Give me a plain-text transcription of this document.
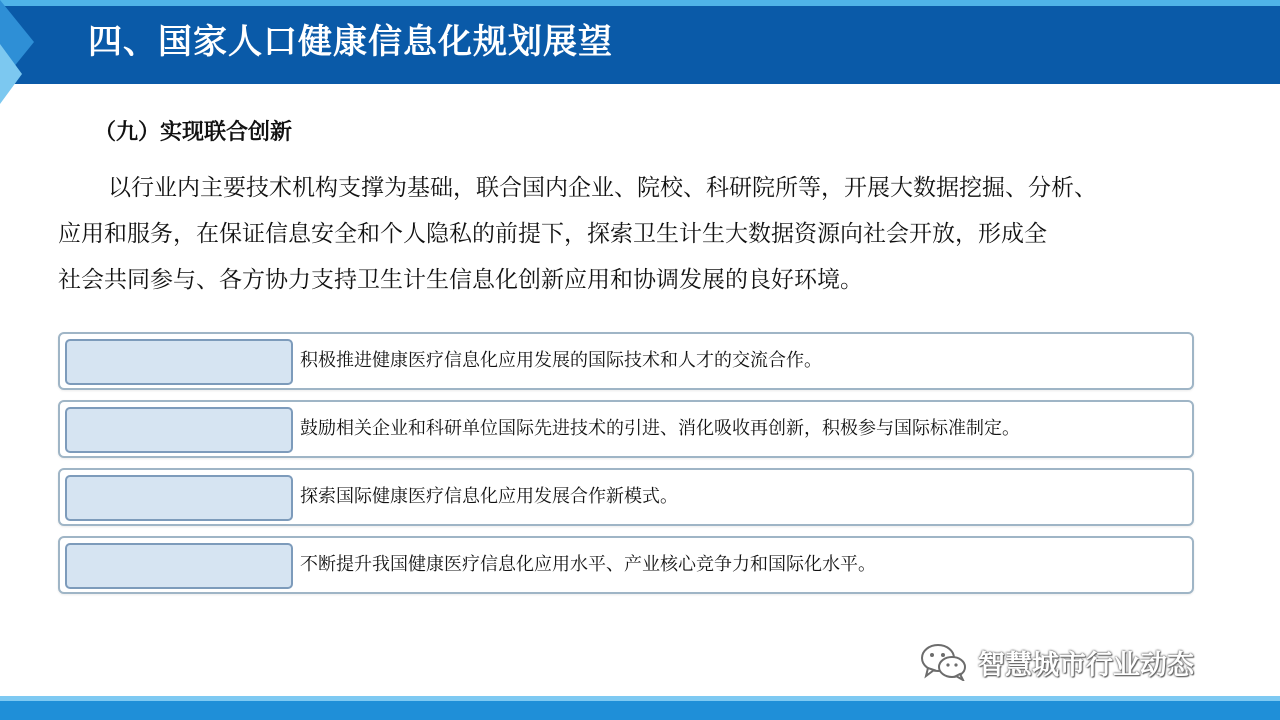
四、国家人口健康信息化规划展望
（九）实现联合创新
以行业内主要技术机构支撑为基础，联合国内企业、院校、科研院所等，开展大数据挖掘、分析、
应用和服务，在保证信息安全和个人隐私的前提下，探索卫生计生大数据资源向社会开放，形成全
社会共同参与、各方协力支持卫生计生信息化创新应用和协调发展的良好环境。
积极推进健康医疗信息化应用发展的国际技术和人才的交流合作。
鼓励相关企业和科研单位国际先进技术的引进、消化吸收再创新，积极参与国际标准制定。
探索国际健康医疗信息化应用发展合作新模式。
不断提升我国健康医疗信息化应用水平、产业核心竞争力和国际化水平。
智慧城市行业动态
